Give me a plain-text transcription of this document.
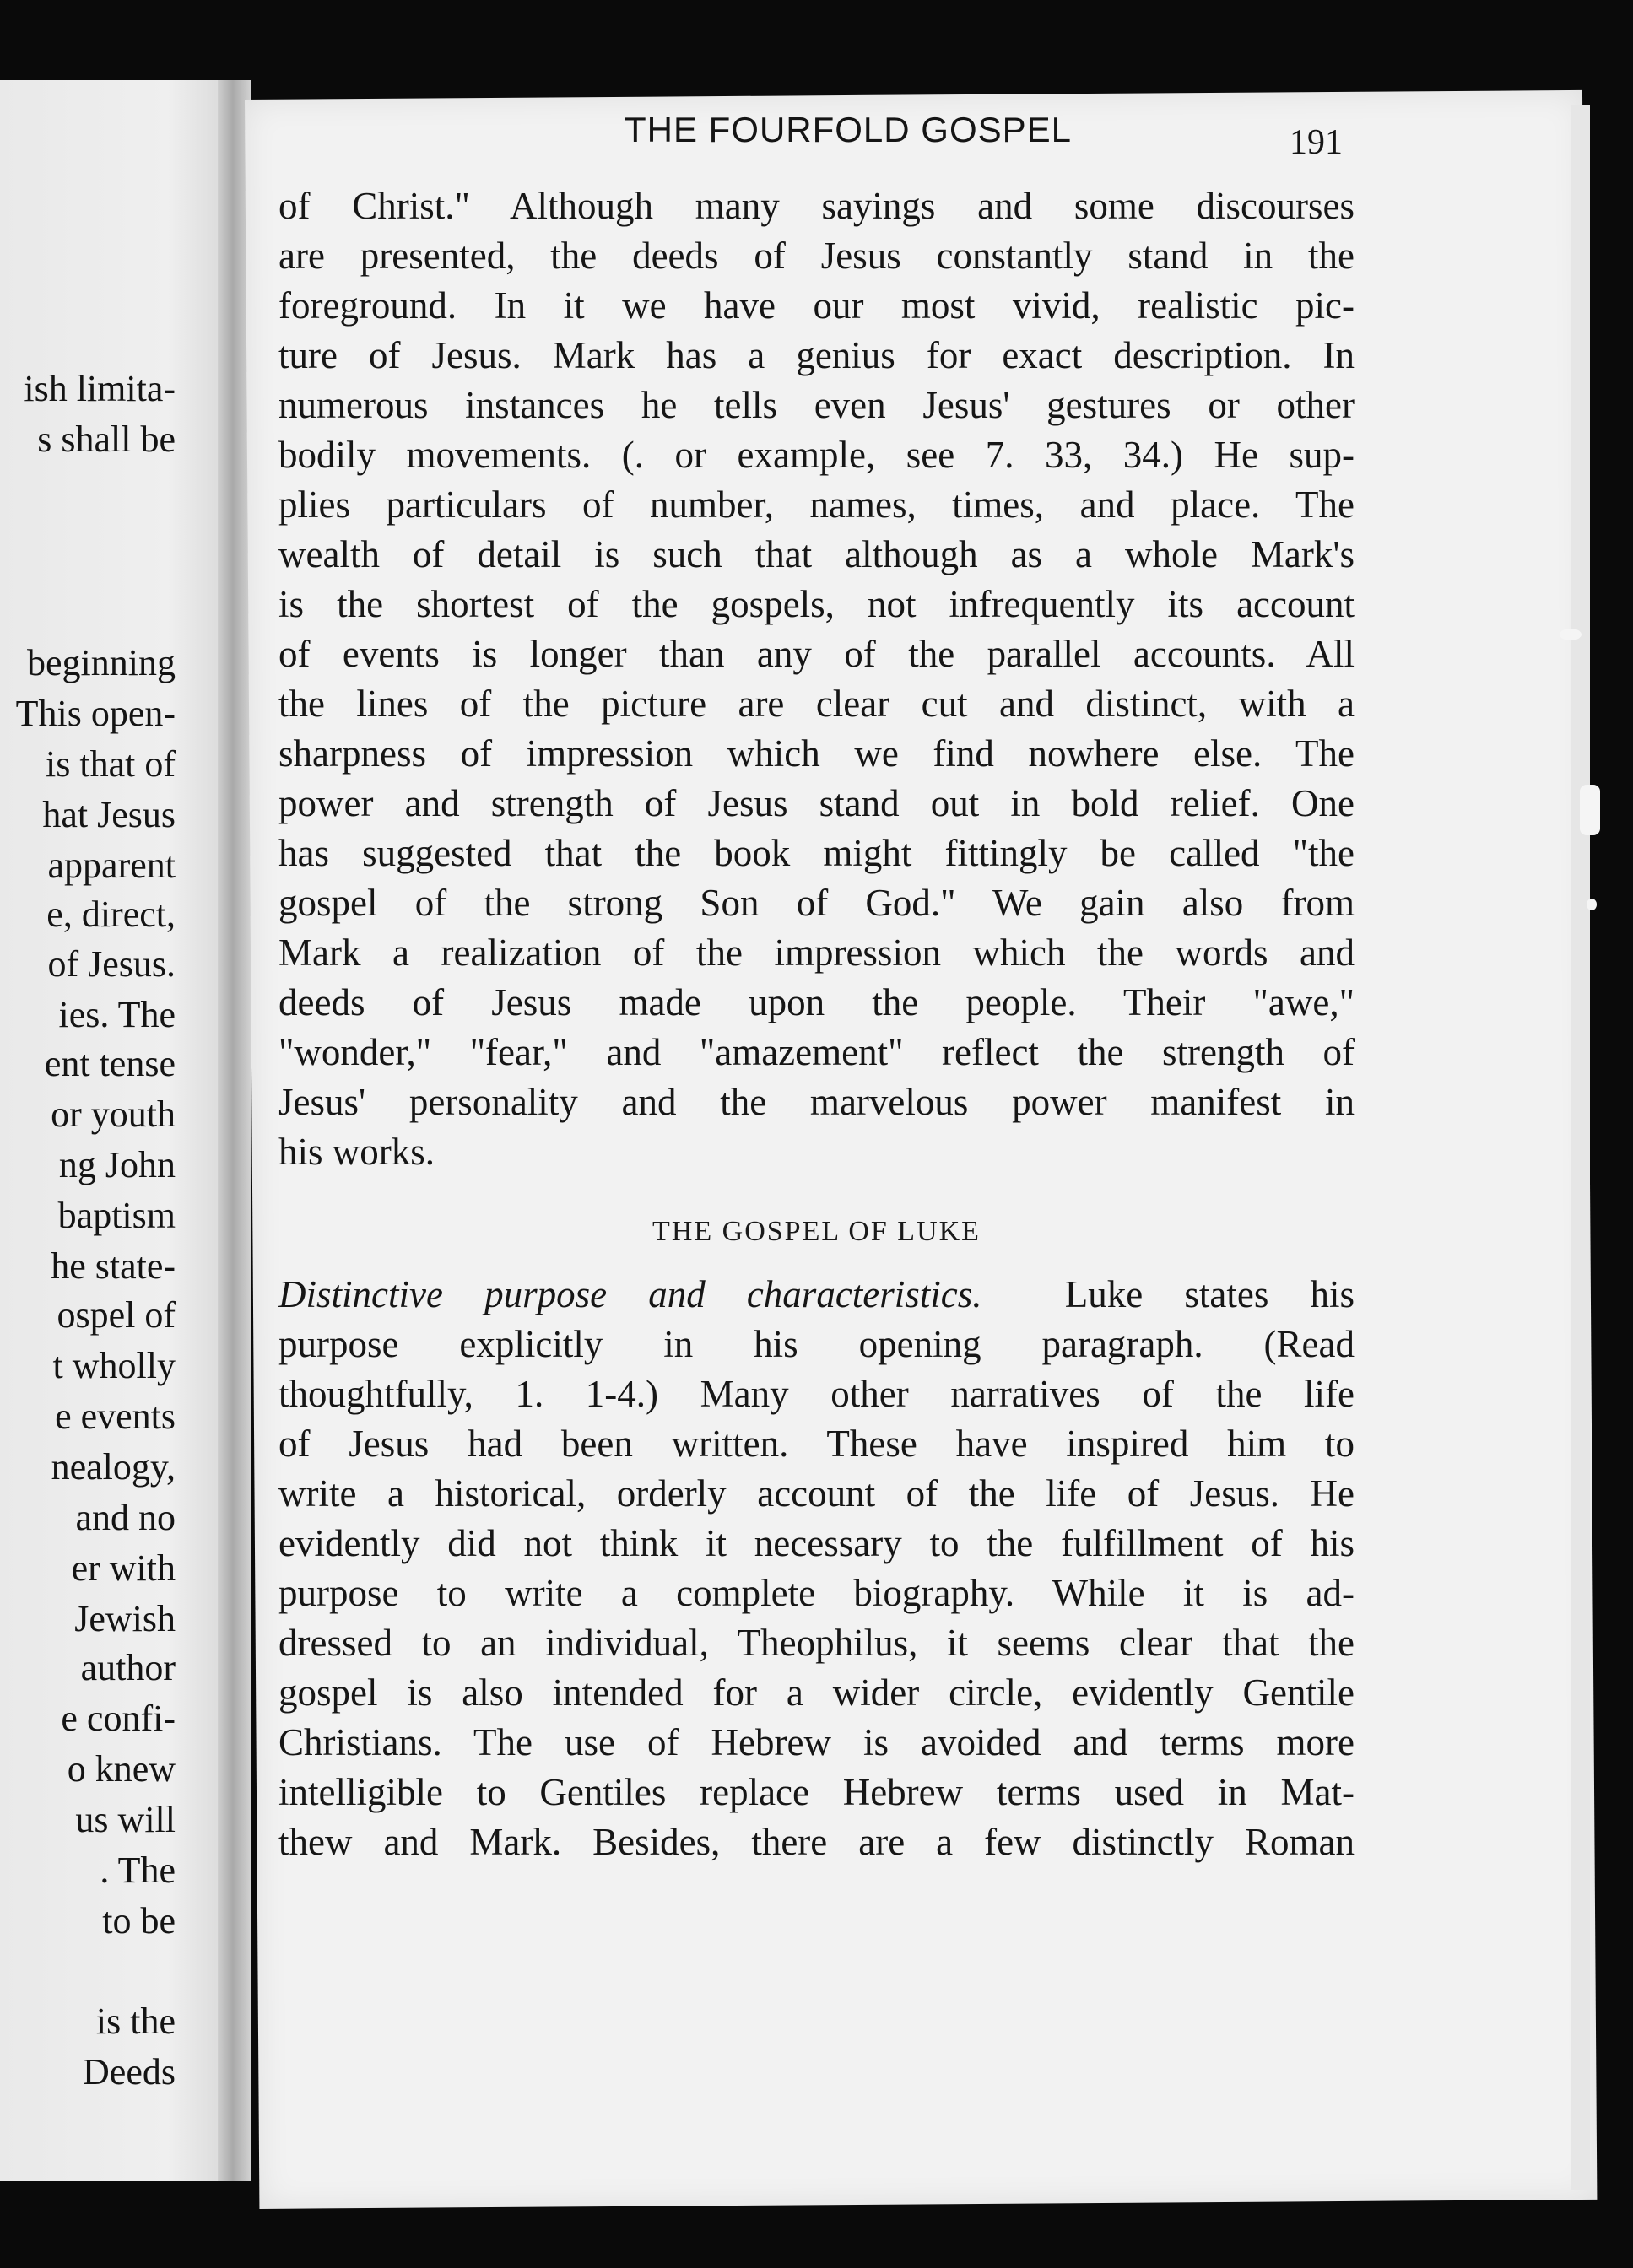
ish limita-
s shall be
beginning
This open-
is that of
hat Jesus
apparent
e, direct,
of Jesus.
ies. The
ent tense
or youth
ng John
baptism
he state-
ospel of
t wholly
e events
nealogy,
and no
er with
Jewish
author
e confi-
o knew
us will
. The
to be
is the
Deeds
THE FOURFOLD GOSPEL	191
of Christ." Although many sayings and some discourses
are presented, the deeds of Jesus constantly stand in the
foreground. In it we have our most vivid, realistic pic-
ture of Jesus. Mark has a genius for exact description. In
numerous instances he tells even Jesus' gestures or other
bodily movements. (. or example, see 7. 33, 34.) He sup-
plies particulars of number, names, times, and place. The
wealth of detail is such that although as a whole Mark's
is the shortest of the gospels, not infrequently its account
of events is longer than any of the parallel accounts. All
the lines of the picture are clear cut and distinct, with a
sharpness of impression which we find nowhere else. The
power and strength of Jesus stand out in bold relief. One
has suggested that the book might fittingly be called "the
gospel of the strong Son of God." We gain also from
Mark a realization of the impression which the words and
deeds of Jesus made upon the people. Their "awe,"
"wonder," "fear," and "amazement" reflect the strength of
Jesus' personality and the marvelous power manifest in
his works.
THE GOSPEL OF LUKE
Distinctive purpose and characteristics. Luke states his
purpose explicitly in his opening paragraph. (Read
thoughtfully, 1. 1-4.) Many other narratives of the life
of Jesus had been written. These have inspired him to
write a historical, orderly account of the life of Jesus. He
evidently did not think it necessary to the fulfillment of his
purpose to write a complete biography. While it is ad-
dressed to an individual, Theophilus, it seems clear that the
gospel is also intended for a wider circle, evidently Gentile
Christians. The use of Hebrew is avoided and terms more
intelligible to Gentiles replace Hebrew terms used in Mat-
thew and Mark. Besides, there are a few distinctly Roman
